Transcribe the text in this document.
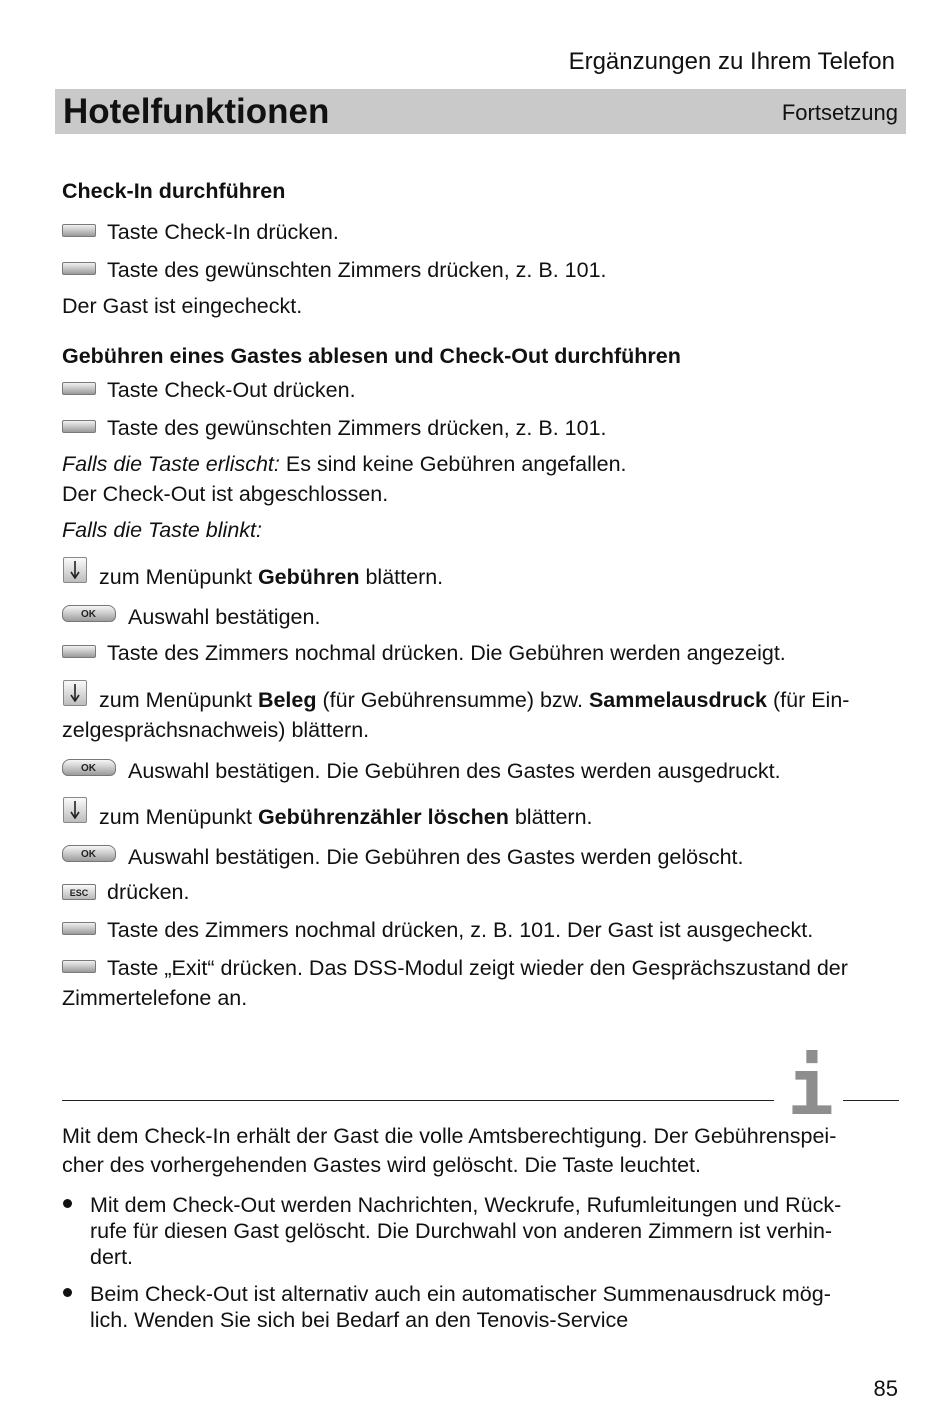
Ergänzungen zu Ihrem Telefon
Hotelfunktionen	Fortsetzung
Check-In durchführen
Taste Check-In drücken.
Taste des gewünschten Zimmers drücken, z. B. 101.
Der Gast ist eingecheckt.
Gebühren eines Gastes ablesen und Check-Out durchführen
Taste Check-Out drücken.
Taste des gewünschten Zimmers drücken, z. B. 101.
Falls die Taste erlischt: Es sind keine Gebühren angefallen.
Der Check-Out ist abgeschlossen.
Falls die Taste blinkt:
zum Menüpunkt Gebühren blättern.
OK	Auswahl bestätigen.
Taste des Zimmers nochmal drücken. Die Gebühren werden angezeigt.
zum Menüpunkt Beleg (für Gebührensumme) bzw. Sammelausdruck (für Ein-
zelgesprächsnachweis) blättern.
OK	Auswahl bestätigen. Die Gebühren des Gastes werden ausgedruckt.
zum Menüpunkt Gebührenzähler löschen blättern.
OK	Auswahl bestätigen. Die Gebühren des Gastes werden gelöscht.
ESC drücken.
Taste des Zimmers nochmal drücken, z. B. 101. Der Gast ist ausgecheckt.
Taste „Exit“ drücken. Das DSS-Modul zeigt wieder den Gesprächszustand der
Zimmertelefone an.
i
Mit dem Check-In erhält der Gast die volle Amtsberechtigung. Der Gebührenspei-
cher des vorhergehenden Gastes wird gelöscht. Die Taste leuchtet.
Mit dem Check-Out werden Nachrichten, Weckrufe, Rufumleitungen und Rück-
rufe für diesen Gast gelöscht. Die Durchwahl von anderen Zimmern ist verhin-
dert.
Beim Check-Out ist alternativ auch ein automatischer Summenausdruck mög-
lich. Wenden Sie sich bei Bedarf an den Tenovis-Service
85
